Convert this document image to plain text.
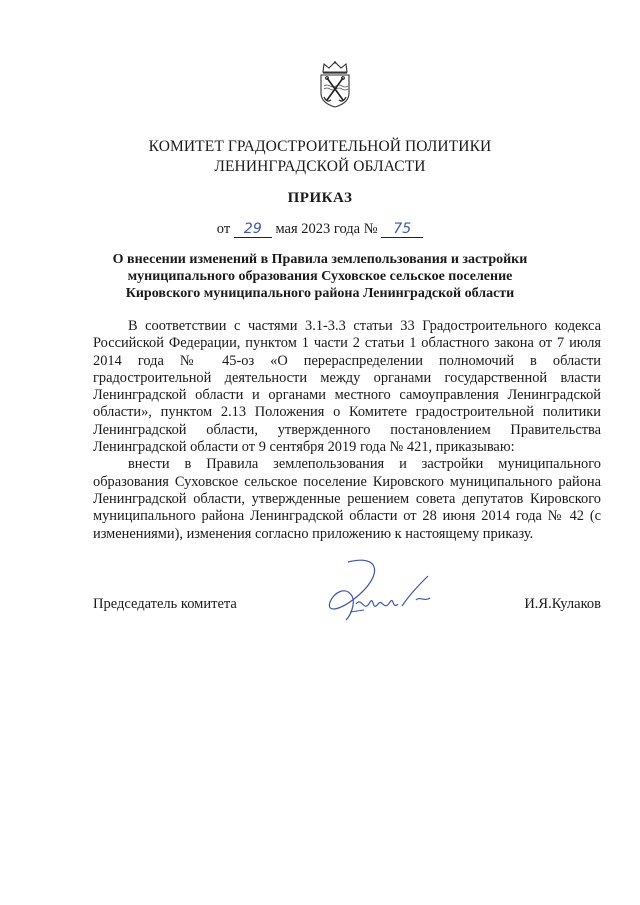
КОМИТЕТ ГРАДОСТРОИТЕЛЬНОЙ ПОЛИТИКИ
ЛЕНИНГРАДСКОЙ ОБЛАСТИ
ПРИКАЗ
от 29 мая 2023 года № 75
О внесении изменений в Правила землепользования и застройки
муниципального образования Суховское сельское поселение
Кировского муниципального района Ленинградской области

В соответствии с частями 3.1-3.3 статьи 33 Градостроительного кодекса Российской Федерации, пунктом 1 части 2 статьи 1 областного закона от 7 июля 2014 года № 45-оз «О перераспределении полномочий в области градостроительной деятельности между органами государственной власти Ленинградской области и органами местного самоуправления Ленинградской области», пунктом 2.13 Положения о Комитете градостроительной политики Ленинградской области, утвержденного постановлением Правительства Ленинградской области от 9 сентября 2019 года № 421, приказываю:

внести в Правила землепользования и застройки муниципального образования Суховское сельское поселение Кировского муниципального района Ленинградской области, утвержденные решением совета депутатов Кировского муниципального района Ленинградской области от 28 июня 2014 года № 42 (с изменениями), изменения согласно приложению к настоящему приказу.

Председатель комитета	И.Я.Кулаков
